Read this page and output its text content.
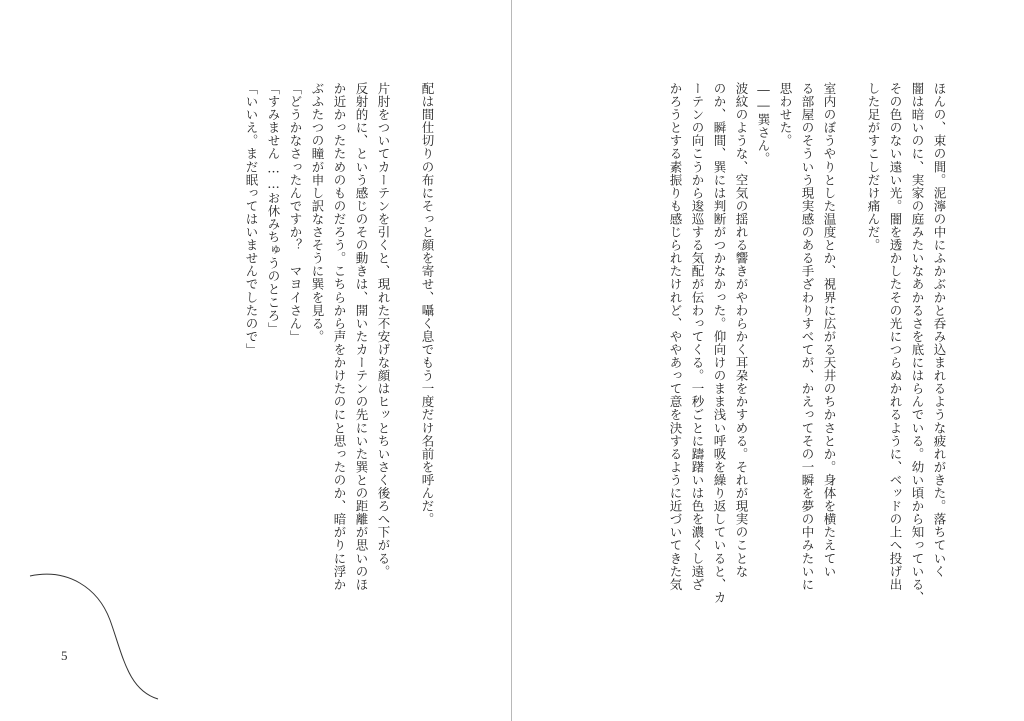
配は間仕切りの布にそっと顔を寄せ、囁く息でもう一度だけ名前を呼んだ。
片肘をついてカーテンを引くと、現れた不安げな顔はヒッとちいさく後ろへ下がる。
反射的に、という感じのその動きは、開いたカーテンの先にいた巽との距離が思いのほ
か近かったためのものだろう。こちらから声をかけたのにと思ったのか、暗がりに浮か
ぶふたつの瞳が申し訳なさそうに巽を見る。
「どうかなさったんですか？　マヨイさん」
「すみません……お休みちゅうのところ」
「いいえ。まだ眠ってはいませんでしたので」
5
ほんの、束の間。泥濘の中にふかぶかと呑み込まれるような疲れがきた。落ちていく
闇は暗いのに、実家の庭みたいなあかるさを底にはらんでいる。幼い頃から知っている、
その色のない遠い光。闇を透かしたその光につらぬかれるように、ベッドの上へ投げ出
した足がすこしだけ痛んだ。
室内のぼうやりとした温度とか、視界に広がる天井のちかさとか。身体を横たえてい
る部屋のそういう現実感のある手ざわりすべてが、かえってその一瞬を夢の中みたいに
思わせた。
――巽さん。
波紋のような、空気の揺れる響きがやわらかく耳朶をかすめる。それが現実のことな
のか、瞬間、巽には判断がつかなかった。仰向けのまま浅い呼吸を繰り返していると、カ
ーテンの向こうから逡巡する気配が伝わってくる。一秒ごとに躊躇いは色を濃くし遠ざ
かろうとする素振りも感じられたけれど、ややあって意を決するように近づいてきた気
